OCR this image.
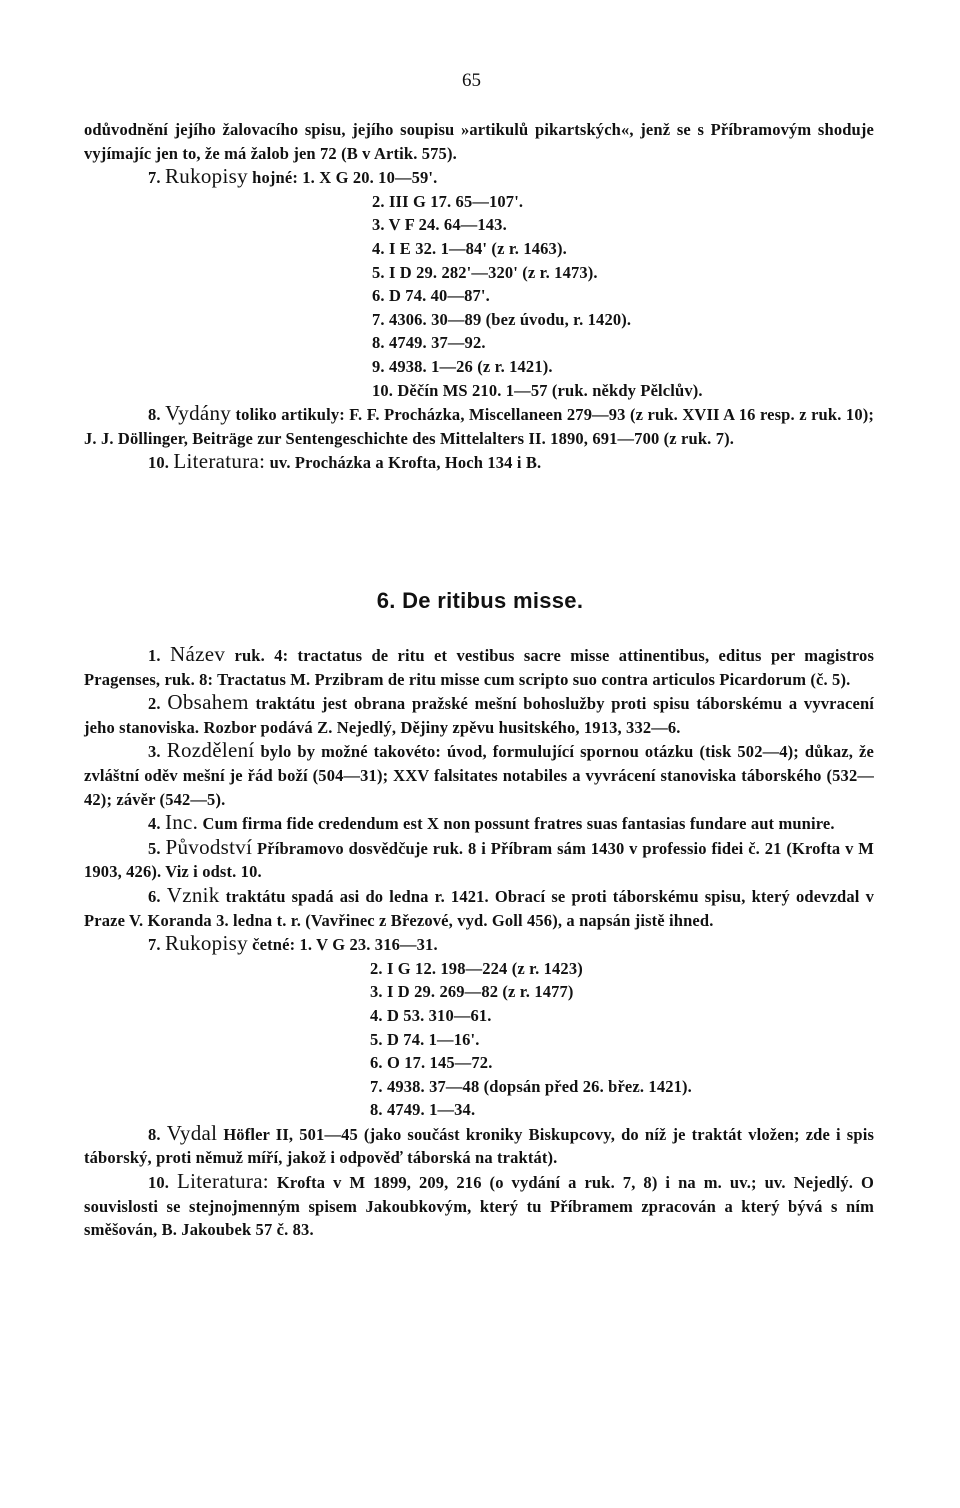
65

odůvodnění jejího žalovacího spisu, jejího soupisu »artikulů pikartských«, jenž se s Příbramovým shoduje vyjímajíc jen to, že má žalob jen 72 (B v Artik. 575).

7. Rukopisy hojné: 1. X G 20. 10—59'.
2. III G 17. 65—107'.
3. V F 24. 64—143.
4. I E 32. 1—84' (z r. 1463).
5. I D 29. 282'—320' (z r. 1473).
6. D 74. 40—87'.
7. 4306. 30—89 (bez úvodu, r. 1420).
8. 4749. 37—92.
9. 4938. 1—26 (z r. 1421).
10. Děčín MS 210. 1—57 (ruk. někdy Pělclův).

8. Vydány toliko artikuly: F. F. Procházka, Miscellaneen 279—93 (z ruk. XVII A 16 resp. z ruk. 10); J. J. Döllinger, Beiträge zur Sentengeschichte des Mittelalters II. 1890, 691—700 (z ruk. 7).

10. Literatura: uv. Procházka a Krofta, Hoch 134 i B.

6. De ritibus misse.

1. Název ruk. 4: tractatus de ritu et vestibus sacre misse attinentibus, editus per magistros Pragenses, ruk. 8: Tractatus M. Przibram de ritu misse cum scripto suo contra articulos Picardorum (č. 5).

2. Obsahem traktátu jest obrana pražské mešní bohoslužby proti spisu táborskému a vyvracení jeho stanoviska. Rozbor podává Z. Nejedlý, Dějiny zpěvu husitského, 1913, 332—6.

3. Rozdělení bylo by možné takovéto: úvod, formulující spornou otázku (tisk 502—4); důkaz, že zvláštní oděv mešní je řád boží (504—31); XXV falsitates notabiles a vyvrácení stanoviska táborského (532—42); závěr (542—5).

4. Inc. Cum firma fide credendum est X non possunt fratres suas fantasias fundare aut munire.

5. Původství Příbramovo dosvědčuje ruk. 8 i Příbram sám 1430 v professio fidei č. 21 (Krofta v M 1903, 426). Viz i odst. 10.

6. Vznik traktátu spadá asi do ledna r. 1421. Obrací se proti táborskému spisu, který odevzdal v Praze V. Koranda 3. ledna t. r. (Vavřinec z Březové, vyd. Goll 456), a napsán jistě ihned.

7. Rukopisy četné: 1. V G 23. 316—31.
2. I G 12. 198—224 (z r. 1423)
3. I D 29. 269—82 (z r. 1477)
4. D 53. 310—61.
5. D 74. 1—16'.
6. O 17. 145—72.
7. 4938. 37—48 (dopsán před 26. břez. 1421).
8. 4749. 1—34.

8. Vydal Höfler II, 501—45 (jako součást kroniky Biskupcovy, do níž je traktát vložen; zde i spis táborský, proti němuž míří, jakož i odpověď táborská na traktát).

10. Literatura: Krofta v M 1899, 209, 216 (o vydání a ruk. 7, 8) i na m. uv.; uv. Nejedlý. O souvislosti se stejnojmenným spisem Jakoubkovým, který tu Příbramem zpracován a který bývá s ním směšován, B. Jakoubek 57 č. 83.
